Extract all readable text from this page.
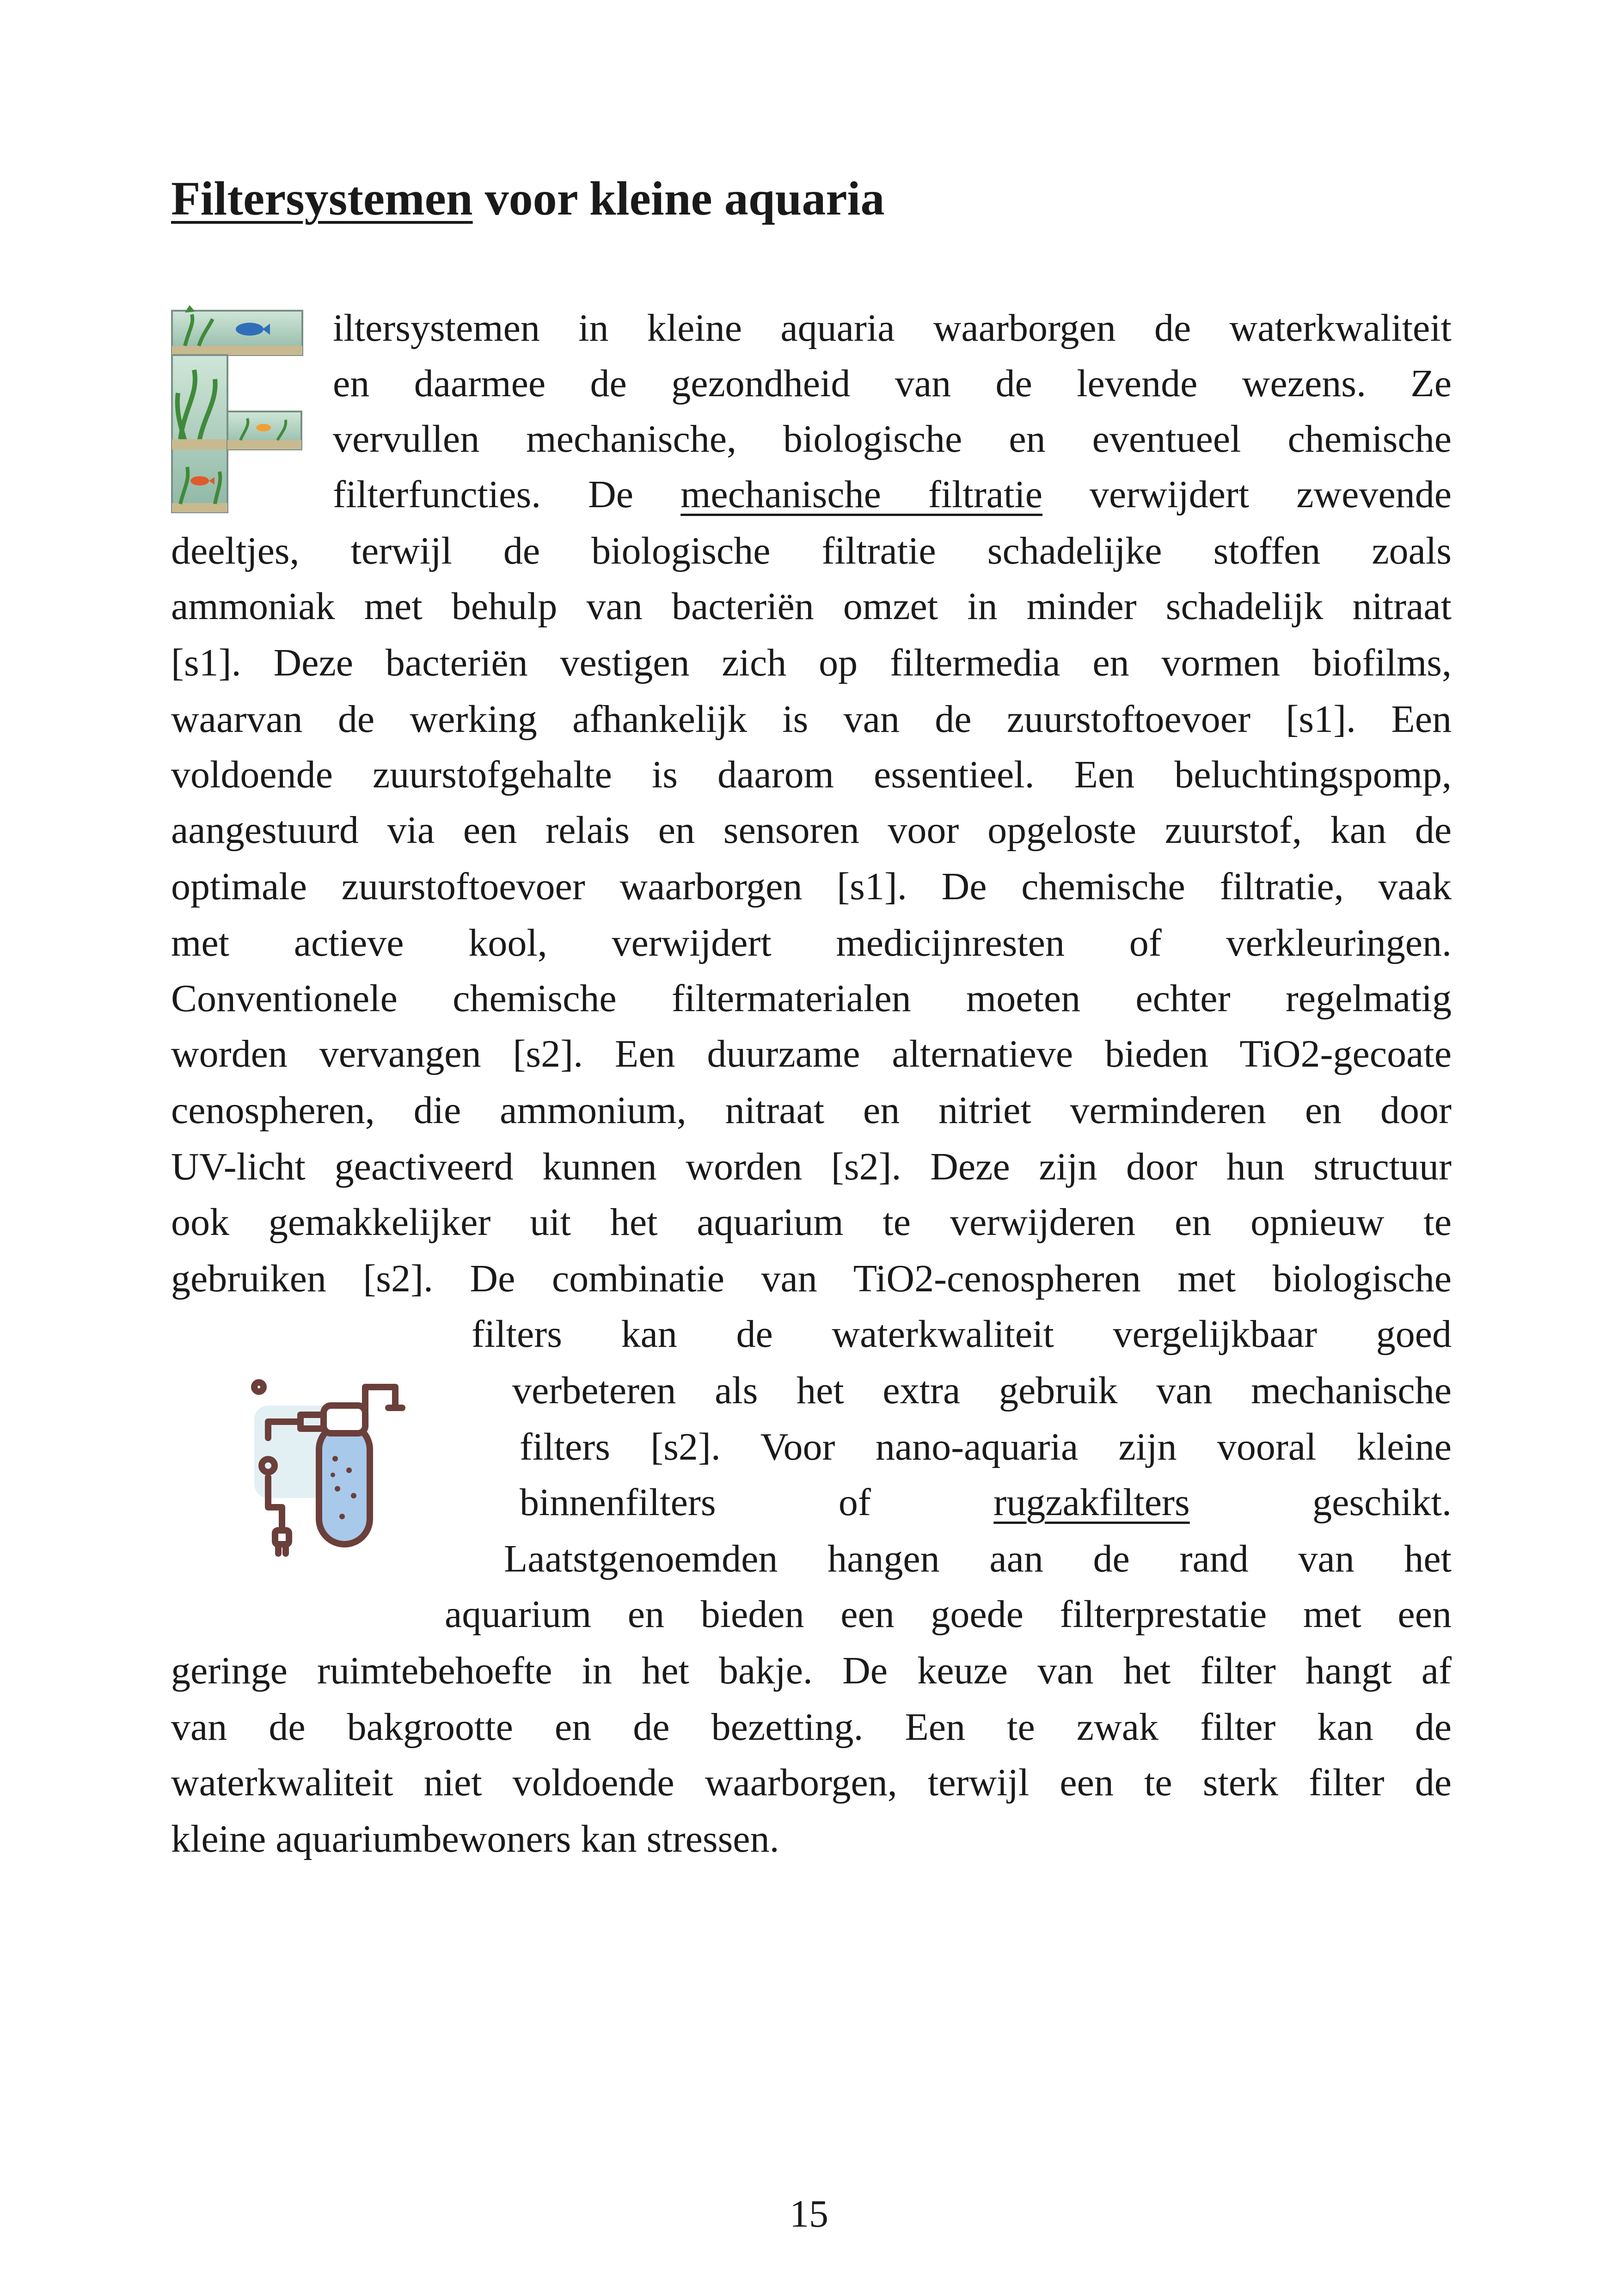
Filtersystemen voor kleine aquaria
iltersystemen in kleine aquaria waarborgen de waterkwaliteit
en daarmee de gezondheid van de levende wezens. Ze
vervullen mechanische, biologische en eventueel chemische
filterfuncties. De mechanische filtratie verwijdert zwevende
deeltjes, terwijl de biologische filtratie schadelijke stoffen zoals
ammoniak met behulp van bacteriën omzet in minder schadelijk nitraat
[s1]. Deze bacteriën vestigen zich op filtermedia en vormen biofilms,
waarvan de werking afhankelijk is van de zuurstoftoevoer [s1]. Een
voldoende zuurstofgehalte is daarom essentieel. Een beluchtingspomp,
aangestuurd via een relais en sensoren voor opgeloste zuurstof, kan de
optimale zuurstoftoevoer waarborgen [s1]. De chemische filtratie, vaak
met actieve kool, verwijdert medicijnresten of verkleuringen.
Conventionele chemische filtermaterialen moeten echter regelmatig
worden vervangen [s2]. Een duurzame alternatieve bieden TiO2-gecoate
cenospheren, die ammonium, nitraat en nitriet verminderen en door
UV-licht geactiveerd kunnen worden [s2]. Deze zijn door hun structuur
ook gemakkelijker uit het aquarium te verwijderen en opnieuw te
gebruiken [s2]. De combinatie van TiO2-cenospheren met biologische
filters kan de waterkwaliteit vergelijkbaar goed
verbeteren als het extra gebruik van mechanische
filters [s2]. Voor nano-aquaria zijn vooral kleine
binnenfilters of rugzakfilters geschikt.
Laatstgenoemden hangen aan de rand van het
aquarium en bieden een goede filterprestatie met een
geringe ruimtebehoefte in het bakje. De keuze van het filter hangt af
van de bakgrootte en de bezetting. Een te zwak filter kan de
waterkwaliteit niet voldoende waarborgen, terwijl een te sterk filter de
kleine aquariumbewoners kan stressen.
15
